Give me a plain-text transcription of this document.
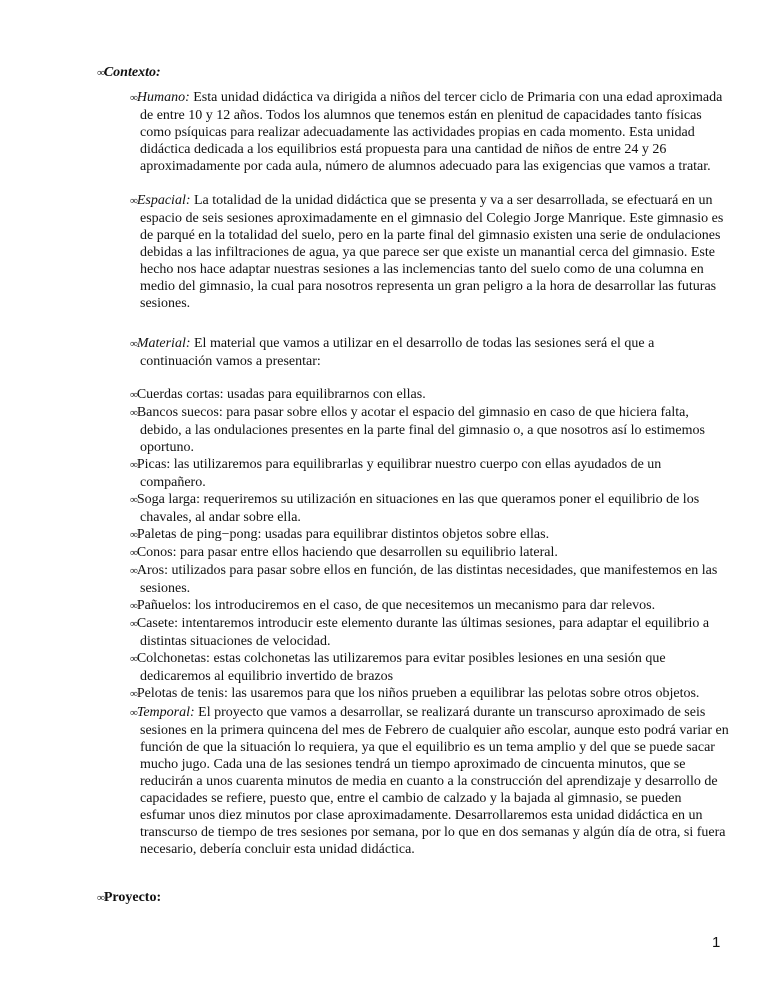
∞Contexto:

∞Humano: Esta unidad didáctica va dirigida a niños del tercer ciclo de Primaria con una edad aproximada de entre 10 y 12 años. Todos los alumnos que tenemos están en plenitud de capacidades tanto físicas como psíquicas para realizar adecuadamente las actividades propias en cada momento. Esta unidad didáctica dedicada a los equilibrios está propuesta para una cantidad de niños de entre 24 y 26 aproximadamente por cada aula, número de alumnos adecuado para las exigencias que vamos a tratar.

∞Espacial: La totalidad de la unidad didáctica que se presenta y va a ser desarrollada, se efectuará en un espacio de seis sesiones aproximadamente en el gimnasio del Colegio Jorge Manrique. Este gimnasio es de parqué en la totalidad del suelo, pero en la parte final del gimnasio existen una serie de ondulaciones debidas a las infiltraciones de agua, ya que parece ser que existe un manantial cerca del gimnasio. Este hecho nos hace adaptar nuestras sesiones a las inclemencias tanto del suelo como de una columna en medio del gimnasio, la cual para nosotros representa un gran peligro a la hora de desarrollar las futuras sesiones.

∞Material: El material que vamos a utilizar en el desarrollo de todas las sesiones será el que a continuación vamos a presentar:

∞Cuerdas cortas: usadas para equilibrarnos con ellas.

∞Bancos suecos: para pasar sobre ellos y acotar el espacio del gimnasio en caso de que hiciera falta, debido, a las ondulaciones presentes en la parte final del gimnasio o, a que nosotros así lo estimemos oportuno.

∞Picas: las utilizaremos para equilibrarlas y equilibrar nuestro cuerpo con ellas ayudados de un compañero.

∞Soga larga: requeriremos su utilización en situaciones en las que queramos poner el equilibrio de los chavales, al andar sobre ella.

∞Paletas de ping−pong: usadas para equilibrar distintos objetos sobre ellas.

∞Conos: para pasar entre ellos haciendo que desarrollen su equilibrio lateral.

∞Aros: utilizados para pasar sobre ellos en función, de las distintas necesidades, que manifestemos en las sesiones.

∞Pañuelos: los introduciremos en el caso, de que necesitemos un mecanismo para dar relevos.

∞Casete: intentaremos introducir este elemento durante las últimas sesiones, para adaptar el equilibrio a distintas situaciones de velocidad.

∞Colchonetas: estas colchonetas las utilizaremos para evitar posibles lesiones en una sesión que dedicaremos al equilibrio invertido de brazos

∞Pelotas de tenis: las usaremos para que los niños prueben a equilibrar las pelotas sobre otros objetos.

∞Temporal: El proyecto que vamos a desarrollar, se realizará durante un transcurso aproximado de seis sesiones en la primera quincena del mes de Febrero de cualquier año escolar, aunque esto podrá variar en función de que la situación lo requiera, ya que el equilibrio es un tema amplio y del que se puede sacar mucho jugo. Cada una de las sesiones tendrá un tiempo aproximado de cincuenta minutos, que se reducirán a unos cuarenta minutos de media en cuanto a la construcción del aprendizaje y desarrollo de capacidades se refiere, puesto que, entre el cambio de calzado y la bajada al gimnasio, se pueden esfumar unos diez minutos por clase aproximadamente. Desarrollaremos esta unidad didáctica en un transcurso de tiempo de tres sesiones por semana, por lo que en dos semanas y algún día de otra, si fuera necesario, debería concluir esta unidad didáctica.

∞Proyecto:
1
